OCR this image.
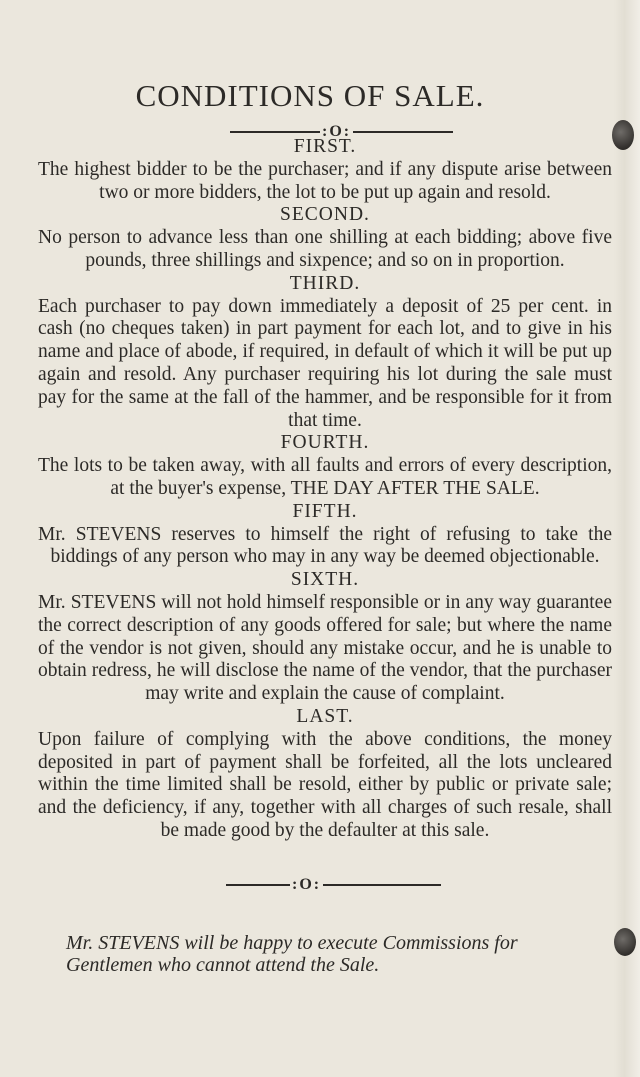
CONDITIONS OF SALE.
:O:
FIRST.
The highest bidder to be the purchaser; and if any dispute arise between two or more bidders, the lot to be put up again and resold.
SECOND.
No person to advance less than one shilling at each bidding; above five pounds, three shillings and sixpence; and so on in proportion.
THIRD.
Each purchaser to pay down immediately a deposit of 25 per cent. in cash (no cheques taken) in part payment for each lot, and to give in his name and place of abode, if required, in default of which it will be put up again and resold. Any purchaser requiring his lot during the sale must pay for the same at the fall of the hammer, and be responsible for it from that time.
FOURTH.
The lots to be taken away, with all faults and errors of every description, at the buyer's expense, THE DAY AFTER THE SALE.
FIFTH.
Mr. STEVENS reserves to himself the right of refusing to take the biddings of any person who may in any way be deemed objectionable.
SIXTH.
Mr. STEVENS will not hold himself responsible or in any way guarantee the correct description of any goods offered for sale; but where the name of the vendor is not given, should any mistake occur, and he is unable to obtain redress, he will disclose the name of the vendor, that the purchaser may write and explain the cause of complaint.
LAST.
Upon failure of complying with the above conditions, the money deposited in part of payment shall be forfeited, all the lots uncleared within the time limited shall be resold, either by public or private sale; and the deficiency, if any, together with all charges of such resale, shall be made good by the defaulter at this sale.
:O:
Mr. STEVENS will be happy to execute Commissions for Gentlemen who cannot attend the Sale.
